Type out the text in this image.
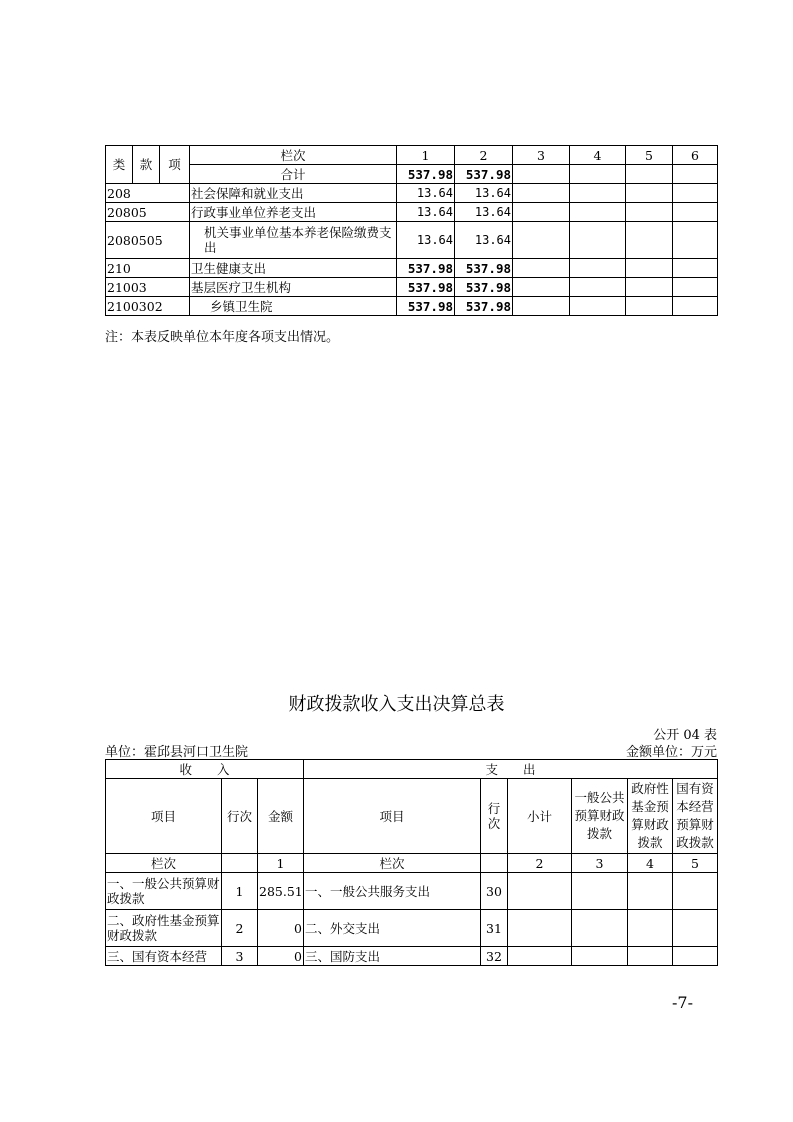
类	款	项	栏次	1	2	3	4	5	6
			合计	537.98	537.98				
208			社会保障和就业支出	13.64	13.64				
20805			行政事业单位养老支出	13.64	13.64				
2080505			机关事业单位基本养老保险缴费支出	13.64	13.64				
210			卫生健康支出	537.98	537.98				
21003			基层医疗卫生机构	537.98	537.98				
2100302			乡镇卫生院	537.98	537.98				
注：本表反映单位本年度各项支出情况。
财政拨款收入支出决算总表
公开 04 表
单位：霍邱县河口卫生院	金额单位：万元
收　　入			支　　出					
项目	行次	金额	项目	行次	小计	一般公共预算财政拨款	政府性基金预算财政拨款	国有资本经营预算财政拨款
栏次		1	栏次		2	3	4	5
一、一般公共预算财政拨款	1	285.51	一、一般公共服务支出	30				
二、政府性基金预算财政拨款	2	0	二、外交支出	31				
三、国有资本经营	3	0	三、国防支出	32				
-7-
